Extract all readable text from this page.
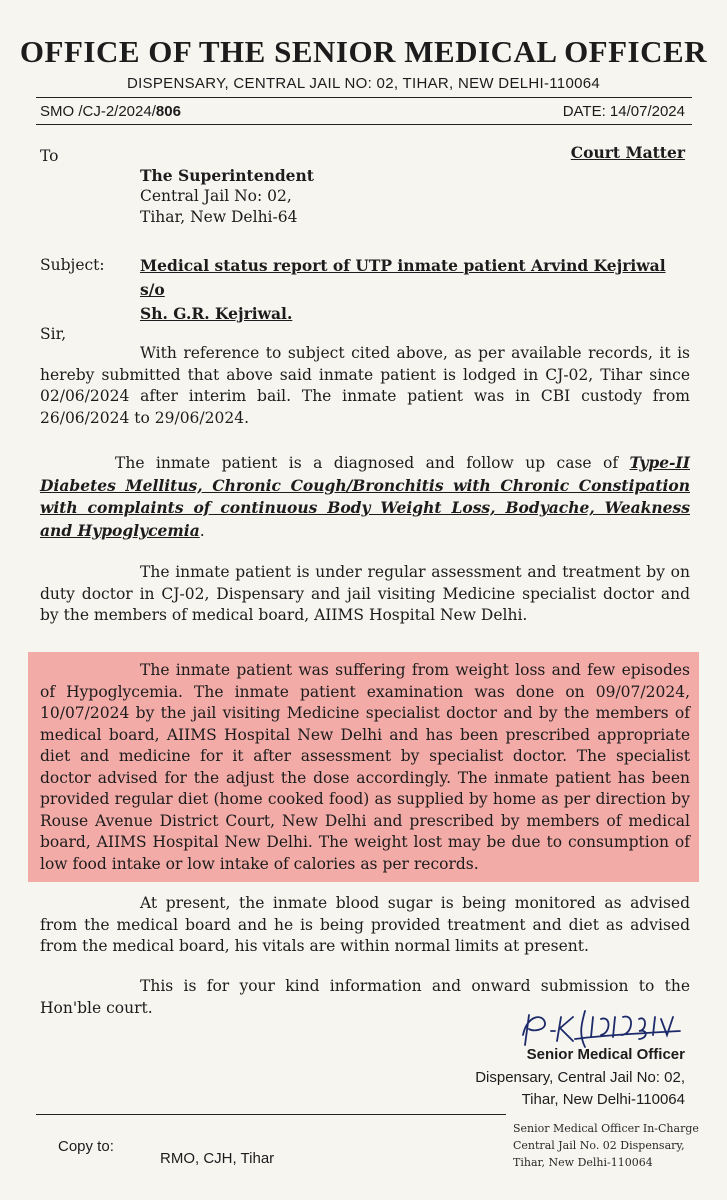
OFFICE OF THE SENIOR MEDICAL OFFICER
DISPENSARY, CENTRAL JAIL NO: 02, TIHAR, NEW DELHI-110064
SMO /CJ-2/2024/806	DATE: 14/07/2024
To	Court Matter
The Superintendent
Central Jail No: 02,
Tihar, New Delhi-64
Subject: Medical status report of UTP inmate patient Arvind Kejriwal s/o
Sh. G.R. Kejriwal.
Sir,
With reference to subject cited above, as per available records, it is hereby submitted that above said inmate patient is lodged in CJ-02, Tihar since 02/06/2024 after interim bail. The inmate patient was in CBI custody from 26/06/2024 to 29/06/2024.
The inmate patient is a diagnosed and follow up case of Type-II Diabetes Mellitus, Chronic Cough/Bronchitis with Chronic Constipation with complaints of continuous Body Weight Loss, Bodyache, Weakness and Hypoglycemia.
The inmate patient is under regular assessment and treatment by on duty doctor in CJ-02, Dispensary and jail visiting Medicine specialist doctor and by the members of medical board, AIIMS Hospital New Delhi.
The inmate patient was suffering from weight loss and few episodes of Hypoglycemia. The inmate patient examination was done on 09/07/2024, 10/07/2024 by the jail visiting Medicine specialist doctor and by the members of medical board, AIIMS Hospital New Delhi and has been prescribed appropriate diet and medicine for it after assessment by specialist doctor. The specialist doctor advised for the adjust the dose accordingly. The inmate patient has been provided regular diet (home cooked food) as supplied by home as per direction by Rouse Avenue District Court, New Delhi and prescribed by members of medical board, AIIMS Hospital New Delhi. The weight lost may be due to consumption of low food intake or low intake of calories as per records.
At present, the inmate blood sugar is being monitored as advised from the medical board and he is being provided treatment and diet as advised from the medical board, his vitals are within normal limits at present.
This is for your kind information and onward submission to the Hon'ble court.
Senior Medical Officer
Dispensary, Central Jail No: 02,
Tihar, New Delhi-110064
Copy to:
RMO, CJH, Tihar
Senior Medical Officer In-Charge
Central Jail No. 02 Dispensary,
Tihar, New Delhi-110064
